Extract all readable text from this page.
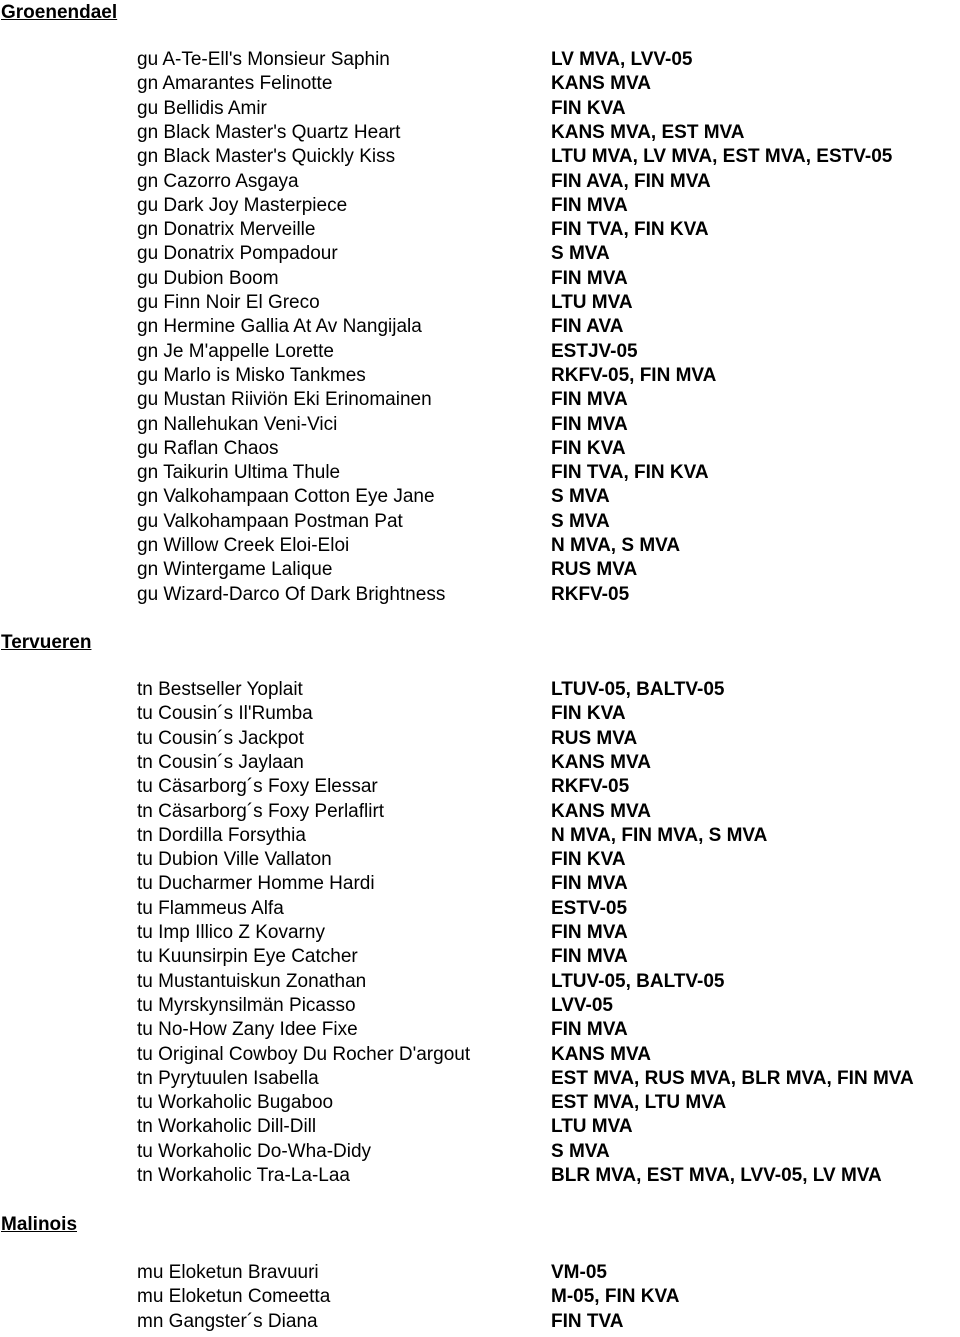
Groenendael
gu A-Te-Ell's Monsieur Saphin	LV MVA, LVV-05
gn Amarantes Felinotte	KANS MVA
gu Bellidis Amir	FIN KVA
gn Black Master's Quartz Heart	KANS MVA, EST MVA
gn Black Master's Quickly Kiss	LTU MVA, LV MVA, EST MVA, ESTV-05
gn Cazorro Asgaya	FIN AVA, FIN MVA
gu Dark Joy Masterpiece	FIN MVA
gn Donatrix Merveille	FIN TVA, FIN KVA
gu Donatrix Pompadour	S MVA
gu Dubion Boom	FIN MVA
gu Finn Noir El Greco	LTU MVA
gn Hermine Gallia At Av Nangijala	FIN AVA
gn Je M'appelle Lorette	ESTJV-05
gu Marlo is Misko Tankmes	RKFV-05, FIN MVA
gu Mustan Riiviön Eki Erinomainen	FIN MVA
gn Nallehukan Veni-Vici	FIN MVA
gu Raflan Chaos	FIN KVA
gn Taikurin Ultima Thule	FIN TVA, FIN KVA
gn Valkohampaan Cotton Eye Jane	S MVA
gu Valkohampaan Postman Pat	S MVA
gn Willow Creek Eloi-Eloi	N MVA, S MVA
gn Wintergame Lalique	RUS MVA
gu Wizard-Darco Of Dark Brightness	RKFV-05
Tervueren
tn Bestseller Yoplait	LTUV-05, BALTV-05
tu Cousin´s Il'Rumba	FIN KVA
tu Cousin´s Jackpot	RUS MVA
tn Cousin´s Jaylaan	KANS MVA
tu Cäsarborg´s Foxy Elessar	RKFV-05
tn Cäsarborg´s Foxy Perlaflirt	KANS MVA
tn Dordilla Forsythia	N MVA, FIN MVA, S MVA
tu Dubion Ville Vallaton	FIN KVA
tu Ducharmer Homme Hardi	FIN MVA
tu Flammeus Alfa	ESTV-05
tu Imp Illico Z Kovarny	FIN MVA
tu Kuunsirpin Eye Catcher	FIN MVA
tu Mustantuiskun Zonathan	LTUV-05, BALTV-05
tu Myrskynsilmän Picasso	LVV-05
tu No-How Zany Idee Fixe	FIN MVA
tu Original Cowboy Du Rocher D'argout	KANS MVA
tn Pyrytuulen Isabella	EST MVA, RUS MVA, BLR MVA, FIN MVA
tu Workaholic Bugaboo	EST MVA, LTU MVA
tn Workaholic Dill-Dill	LTU MVA
tu Workaholic Do-Wha-Didy	S MVA
tn Workaholic Tra-La-Laa	BLR MVA, EST MVA, LVV-05, LV MVA
Malinois
mu Eloketun Bravuuri	VM-05
mu Eloketun Comeetta	M-05, FIN KVA
mn Gangster´s Diana	FIN TVA
